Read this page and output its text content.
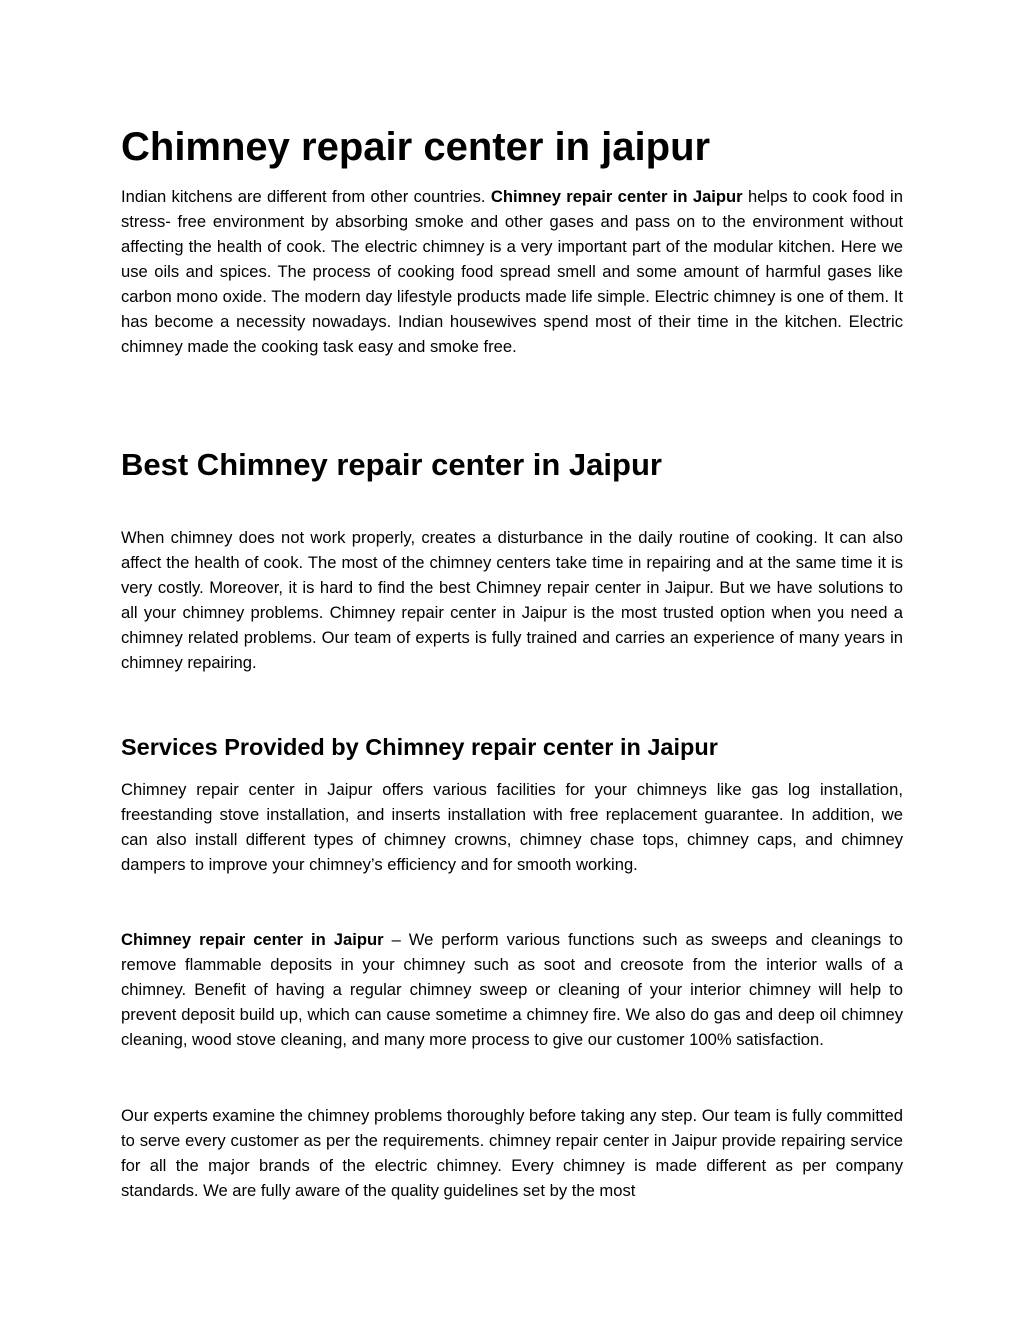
Chimney repair center in jaipur

Indian kitchens are different from other countries. Chimney repair center in Jaipur helps to cook food in stress- free environment by absorbing smoke and other gases and pass on to the environment without affecting the health of cook. The electric chimney is a very important part of the modular kitchen. Here we use oils and spices. The process of cooking food spread smell and some amount of harmful gases like carbon mono oxide. The modern day lifestyle products made life simple. Electric chimney is one of them. It has become a necessity nowadays. Indian housewives spend most of their time in the kitchen. Electric chimney made the cooking task easy and smoke free.

Best Chimney repair center in Jaipur

When chimney does not work properly, creates a disturbance in the daily routine of cooking. It can also affect the health of cook. The most of the chimney centers take time in repairing and at the same time it is very costly. Moreover, it is hard to find the best Chimney repair center in Jaipur. But we have solutions to all your chimney problems. Chimney repair center in Jaipur is the most trusted option when you need a chimney related problems. Our team of experts is fully trained and carries an experience of many years in chimney repairing.

Services Provided by Chimney repair center in Jaipur

Chimney repair center in Jaipur offers various facilities for your chimneys like gas log installation, freestanding stove installation, and inserts installation with free replacement guarantee. In addition, we can also install different types of chimney crowns, chimney chase tops, chimney caps, and chimney dampers to improve your chimney’s efficiency and for smooth working.

Chimney repair center in Jaipur – We perform various functions such as sweeps and cleanings to remove flammable deposits in your chimney such as soot and creosote from the interior walls of a chimney. Benefit of having a regular chimney sweep or cleaning of your interior chimney will help to prevent deposit build up, which can cause sometime a chimney fire. We also do gas and deep oil chimney cleaning, wood stove cleaning, and many more process to give our customer 100% satisfaction.

Our experts examine the chimney problems thoroughly before taking any step. Our team is fully committed to serve every customer as per the requirements. chimney repair center in Jaipur provide repairing service for all the major brands of the electric chimney. Every chimney is made different as per company standards. We are fully aware of the quality guidelines set by the most
